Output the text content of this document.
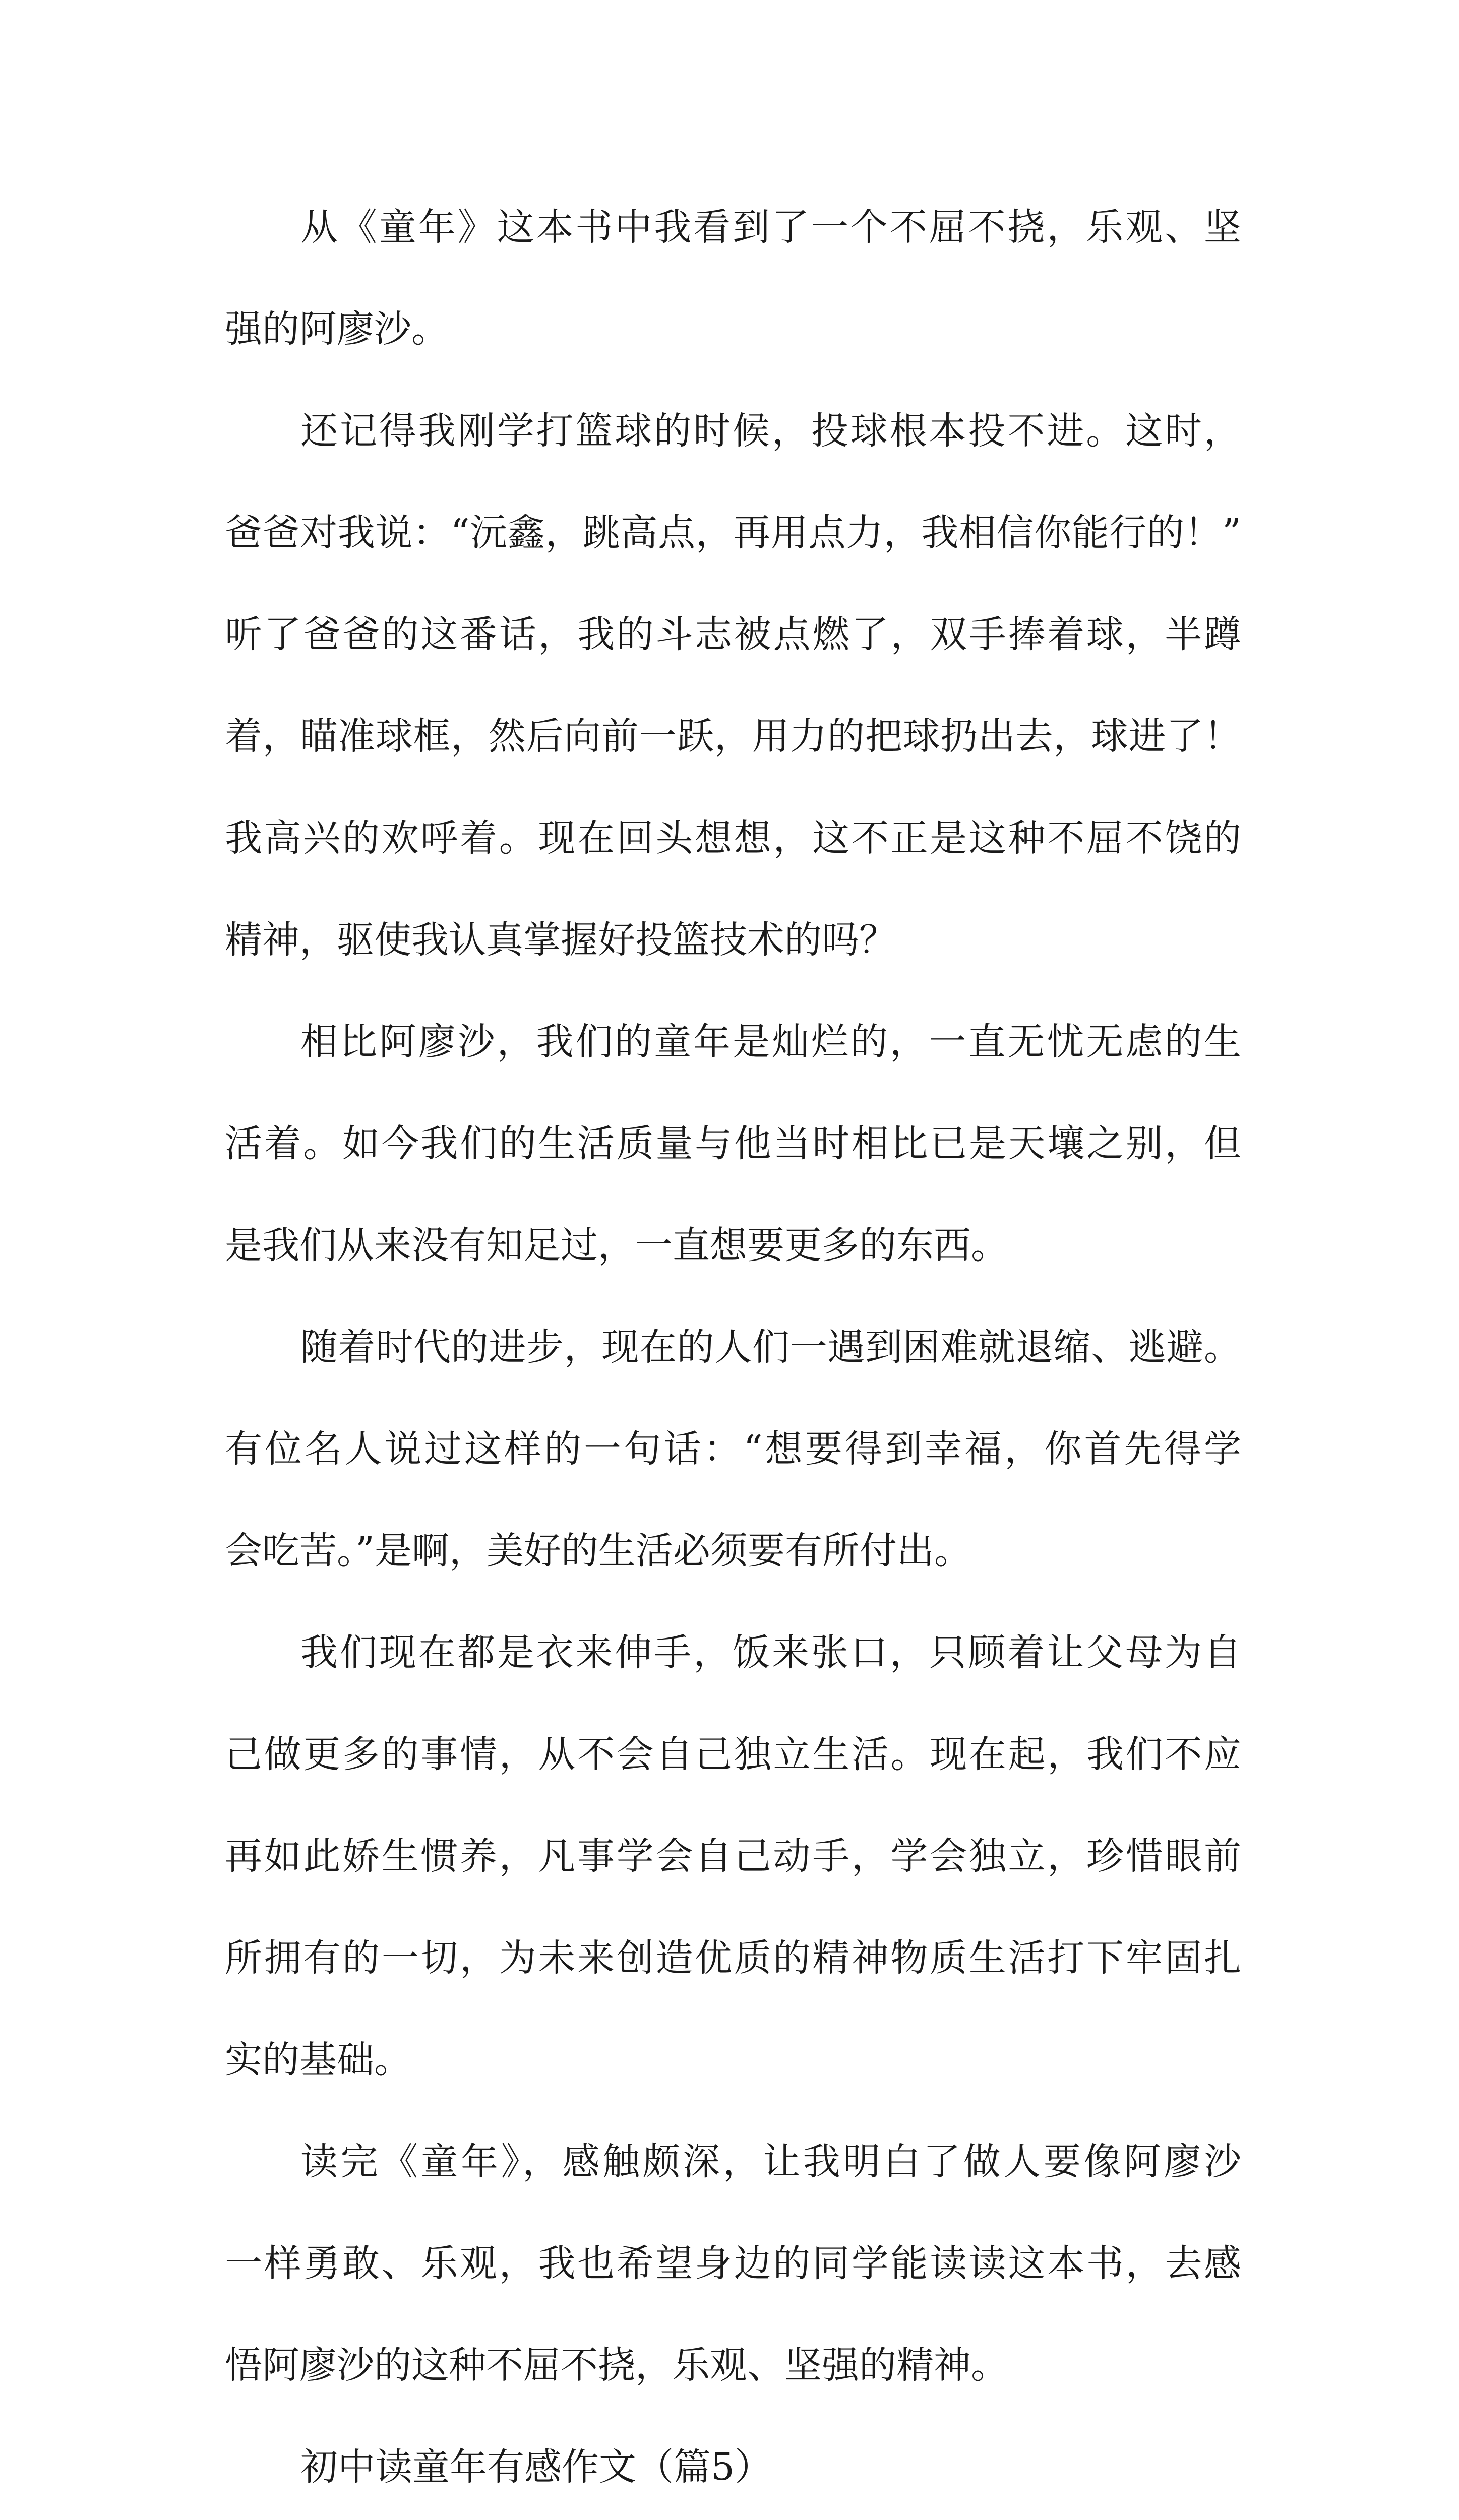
从《童年》这本书中我看到了一个不屈不挠，乐观、坚
强的阿廖沙。
还记得我刚学打篮球的时候，投球根本投不进。这时，
爸爸对我说：“沅鑫，跳高点，再用点力，我相信你能行的！”
听了爸爸的这番话，我的斗志被点燃了，双手捧着球，半蹲
着，瞄准球框，然后向前一跃，用力的把球扔出去，球进了！
我高兴的欢呼着。现在回头想想，这不正是这种不屈不饶的
精神，驱使我认真掌握好投篮技术的吗？
相比阿廖沙，我们的童年是灿烂的，一直无忧无虑的生
活着。如今我们的生活质量与他当时相比已是天壤之别，但
是我们从来没有知足过，一直想要更多的东西。
随着时代的进步，现在的人们一遇到困难就退缩、逃避。
有位名人说过这样的一句话：“想要得到幸福，你首先得学
会吃苦。”是啊，美好的生活必须要有所付出。
我们现在都是衣来伸手，饭来张口，只顾着让父母为自
己做更多的事情，从不会自己独立生活。现在起，我们不应
再如此娇生惯养，凡事学会自己动手，学会独立，珍惜眼前
所拥有的一切，为未来创造优质的精神物质生活打下牢固扎
实的基础。
读完《童年》，感触颇深，让我明白了做人要像阿廖沙
一样勇敢、乐观，我也希望身边的同学能读读这本书，去感
悟阿廖沙的这种不屈不挠，乐观、坚强的精神。
初中读童年有感作文（篇5）
